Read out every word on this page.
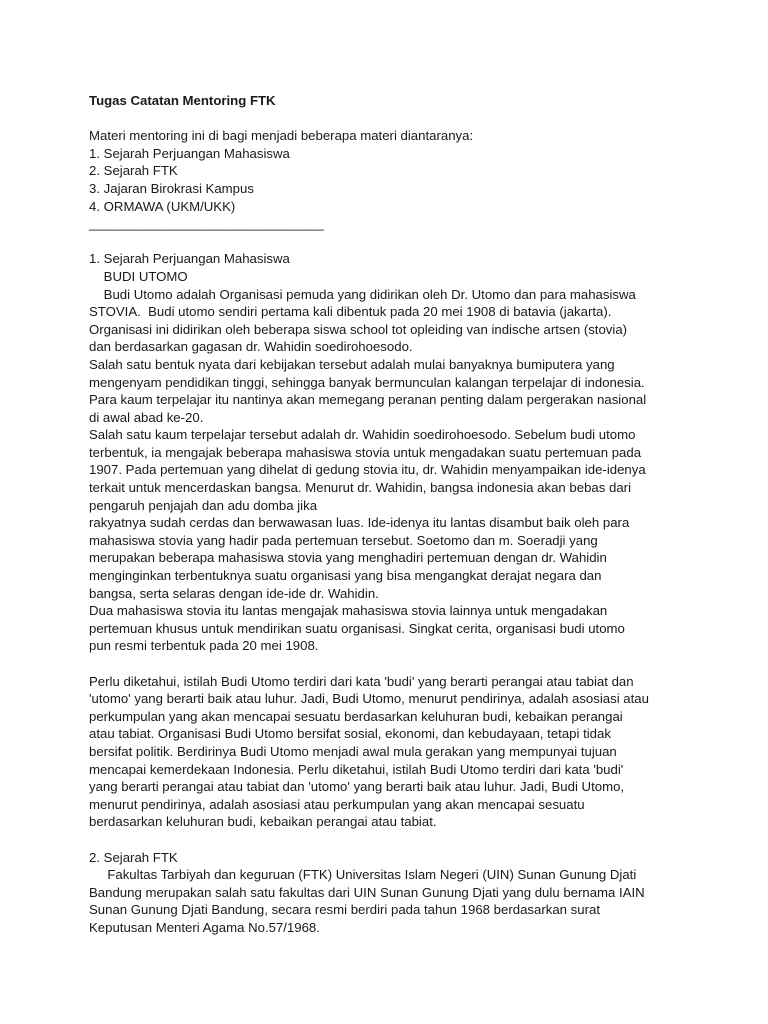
Tugas Catatan Mentoring FTK
Materi mentoring ini di bagi menjadi beberapa materi diantaranya:
1. Sejarah Perjuangan Mahasiswa
2. Sejarah FTK
3. Jajaran Birokrasi Kampus
4. ORMAWA (UKM/UKK)
________________________________
1. Sejarah Perjuangan Mahasiswa
BUDI UTOMO
Budi Utomo adalah Organisasi pemuda yang didirikan oleh Dr. Utomo dan para mahasiswa
STOVIA.  Budi utomo sendiri pertama kali dibentuk pada 20 mei 1908 di batavia (jakarta).
Organisasi ini didirikan oleh beberapa siswa school tot opleiding van indische artsen (stovia)
dan berdasarkan gagasan dr. Wahidin soedirohoesodo.
Salah satu bentuk nyata dari kebijakan tersebut adalah mulai banyaknya bumiputera yang
mengenyam pendidikan tinggi, sehingga banyak bermunculan kalangan terpelajar di indonesia.
Para kaum terpelajar itu nantinya akan memegang peranan penting dalam pergerakan nasional
di awal abad ke-20.
Salah satu kaum terpelajar tersebut adalah dr. Wahidin soedirohoesodo. Sebelum budi utomo
terbentuk, ia mengajak beberapa mahasiswa stovia untuk mengadakan suatu pertemuan pada
1907. Pada pertemuan yang dihelat di gedung stovia itu, dr. Wahidin menyampaikan ide-idenya
terkait untuk mencerdaskan bangsa. Menurut dr. Wahidin, bangsa indonesia akan bebas dari
pengaruh penjajah dan adu domba jika
rakyatnya sudah cerdas dan berwawasan luas. Ide-idenya itu lantas disambut baik oleh para
mahasiswa stovia yang hadir pada pertemuan tersebut. Soetomo dan m. Soeradji yang
merupakan beberapa mahasiswa stovia yang menghadiri pertemuan dengan dr. Wahidin
menginginkan terbentuknya suatu organisasi yang bisa mengangkat derajat negara dan
bangsa, serta selaras dengan ide-ide dr. Wahidin.
Dua mahasiswa stovia itu lantas mengajak mahasiswa stovia lainnya untuk mengadakan
pertemuan khusus untuk mendirikan suatu organisasi. Singkat cerita, organisasi budi utomo
pun resmi terbentuk pada 20 mei 1908.
Perlu diketahui, istilah Budi Utomo terdiri dari kata 'budi' yang berarti perangai atau tabiat dan
'utomo' yang berarti baik atau luhur. Jadi, Budi Utomo, menurut pendirinya, adalah asosiasi atau
perkumpulan yang akan mencapai sesuatu berdasarkan keluhuran budi, kebaikan perangai
atau tabiat. Organisasi Budi Utomo bersifat sosial, ekonomi, dan kebudayaan, tetapi tidak
bersifat politik. Berdirinya Budi Utomo menjadi awal mula gerakan yang mempunyai tujuan
mencapai kemerdekaan Indonesia. Perlu diketahui, istilah Budi Utomo terdiri dari kata 'budi'
yang berarti perangai atau tabiat dan 'utomo' yang berarti baik atau luhur. Jadi, Budi Utomo,
menurut pendirinya, adalah asosiasi atau perkumpulan yang akan mencapai sesuatu
berdasarkan keluhuran budi, kebaikan perangai atau tabiat.
2. Sejarah FTK
Fakultas Tarbiyah dan keguruan (FTK) Universitas Islam Negeri (UIN) Sunan Gunung Djati
Bandung merupakan salah satu fakultas dari UIN Sunan Gunung Djati yang dulu bernama IAIN
Sunan Gunung Djati Bandung, secara resmi berdiri pada tahun 1968 berdasarkan surat
Keputusan Menteri Agama No.57/1968.
